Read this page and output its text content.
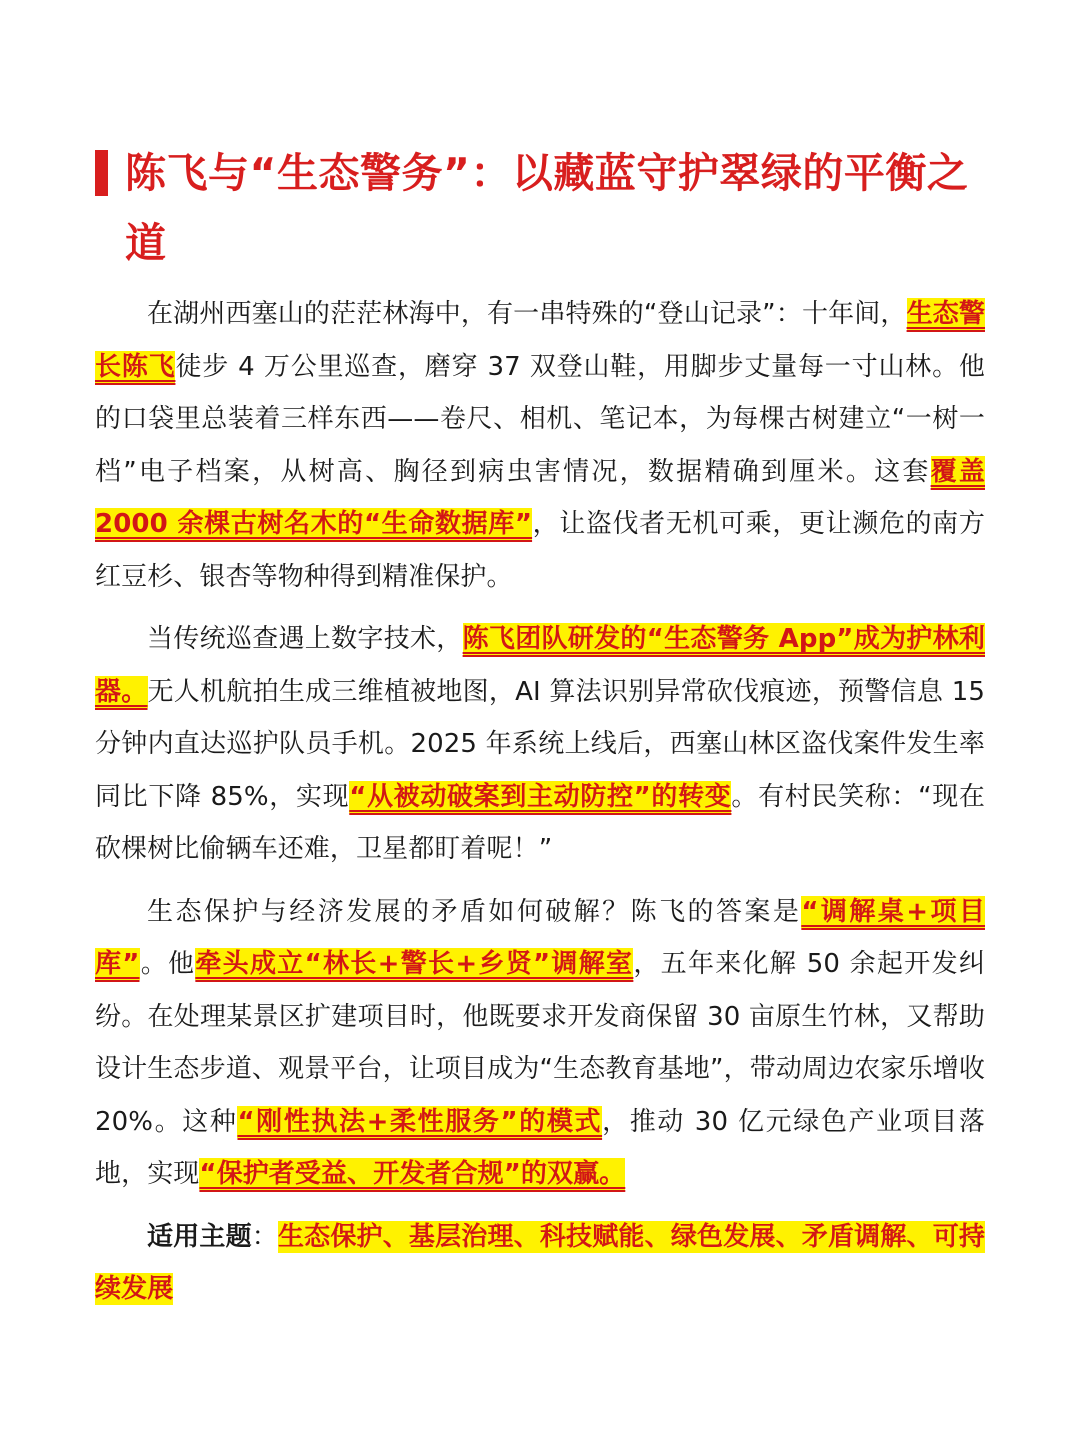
陈飞与“生态警务”：以藏蓝守护翠绿的平衡之道

在湖州西塞山的茫茫林海中，有一串特殊的“登山记录”：十年间，生态警长陈飞徒步 4 万公里巡查，磨穿 37 双登山鞋，用脚步丈量每一寸山林。他的口袋里总装着三样东西——卷尺、相机、笔记本，为每棵古树建立“一树一档”电子档案，从树高、胸径到病虫害情况，数据精确到厘米。这套覆盖 2000 余棵古树名木的“生命数据库”，让盗伐者无机可乘，更让濒危的南方红豆杉、银杏等物种得到精准保护。

当传统巡查遇上数字技术，陈飞团队研发的“生态警务 App”成为护林利器。无人机航拍生成三维植被地图，AI 算法识别异常砍伐痕迹，预警信息 15 分钟内直达巡护队员手机。2025 年系统上线后，西塞山林区盗伐案件发生率同比下降 85%，实现“从被动破案到主动防控”的转变。有村民笑称：“现在砍棵树比偷辆车还难，卫星都盯着呢！”

生态保护与经济发展的矛盾如何破解？陈飞的答案是“调解桌+项目库”。他牵头成立“林长+警长+乡贤”调解室，五年来化解 50 余起开发纠纷。在处理某景区扩建项目时，他既要求开发商保留 30 亩原生竹林，又帮助设计生态步道、观景平台，让项目成为“生态教育基地”，带动周边农家乐增收 20%。这种“刚性执法+柔性服务”的模式，推动 30 亿元绿色产业项目落地，实现“保护者受益、开发者合规”的双赢。

适用主题：生态保护、基层治理、科技赋能、绿色发展、矛盾调解、可持续发展
